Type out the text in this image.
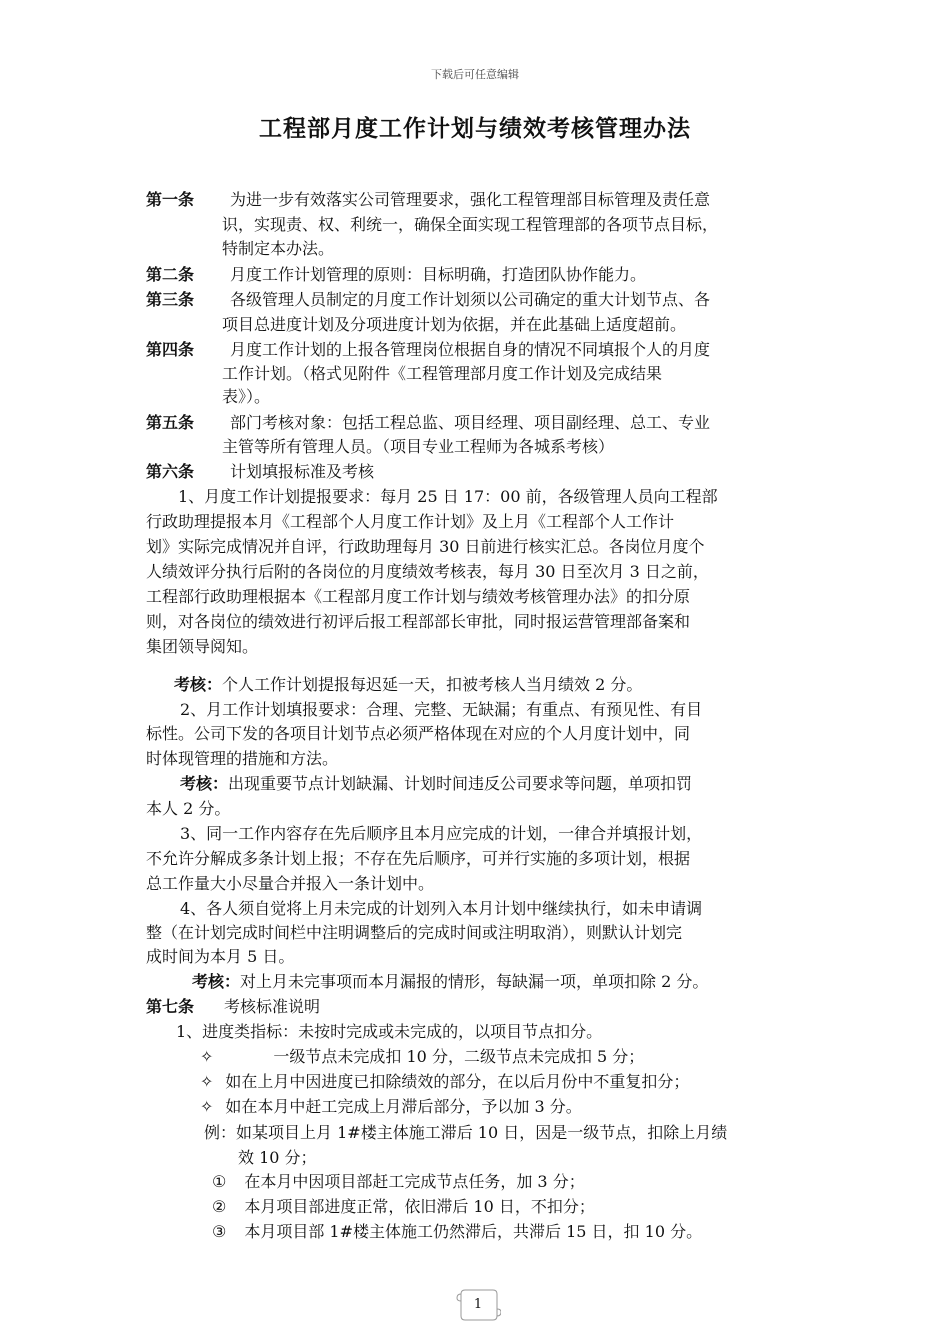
下载后可任意编辑
工程部月度工作计划与绩效考核管理办法
第一条 为进一步有效落实公司管理要求，强化工程管理部目标管理及责任意
识，实现责、权、利统一，确保全面实现工程管理部的各项节点目标，
特制定本办法。
第二条 月度工作计划管理的原则：目标明确，打造团队协作能力。
第三条 各级管理人员制定的月度工作计划须以公司确定的重大计划节点、各
项目总进度计划及分项进度计划为依据，并在此基础上适度超前。
第四条 月度工作计划的上报各管理岗位根据自身的情况不同填报个人的月度
工作计划。（格式见附件《工程管理部月度工作计划及完成结果
表》）。
第五条 部门考核对象：包括工程总监、项目经理、项目副经理、总工、专业
主管等所有管理人员。（项目专业工程师为各城系考核）
第六条 计划填报标准及考核
1、月度工作计划提报要求：每月 25 日 17：00 前，各级管理人员向工程部
行政助理提报本月《工程部个人月度工作计划》及上月《工程部个人工作计
划》实际完成情况并自评，行政助理每月 30 日前进行核实汇总。各岗位月度个
人绩效评分执行后附的各岗位的月度绩效考核表，每月 30 日至次月 3 日之前，
工程部行政助理根据本《工程部月度工作计划与绩效考核管理办法》的扣分原
则，对各岗位的绩效进行初评后报工程部部长审批，同时报运营管理部备案和
集团领导阅知。
考核：个人工作计划提报每迟延一天，扣被考核人当月绩效 2 分。
2、月工作计划填报要求：合理、完整、无缺漏；有重点、有预见性、有目
标性。公司下发的各项目计划节点必须严格体现在对应的个人月度计划中，同
时体现管理的措施和方法。
考核：出现重要节点计划缺漏、计划时间违反公司要求等问题，单项扣罚
本人 2 分。
3、同一工作内容存在先后顺序且本月应完成的计划，一律合并填报计划，
不允许分解成多条计划上报；不存在先后顺序，可并行实施的多项计划，根据
总工作量大小尽量合并报入一条计划中。
4、各人须自觉将上月未完成的计划列入本月计划中继续执行，如未申请调
整（在计划完成时间栏中注明调整后的完成时间或注明取消），则默认计划完
成时间为本月 5 日。
考核：对上月未完事项而本月漏报的情形，每缺漏一项，单项扣除 2 分。
第七条 考核标准说明
1、进度类指标：未按时完成或未完成的，以项目节点扣分。
✧	一级节点未完成扣 10 分，二级节点未完成扣 5 分；
✧ 如在上月中因进度已扣除绩效的部分，在以后月份中不重复扣分；
✧ 如在本月中赶工完成上月滞后部分，予以加 3 分。
例：如某项目上月 1#楼主体施工滞后 10 日，因是一级节点，扣除上月绩
效 10 分；
① 在本月中因项目部赶工完成节点任务，加 3 分；
② 本月项目部进度正常，依旧滞后 10 日，不扣分；
③ 本月项目部 1#楼主体施工仍然滞后，共滞后 15 日，扣 10 分。
1
